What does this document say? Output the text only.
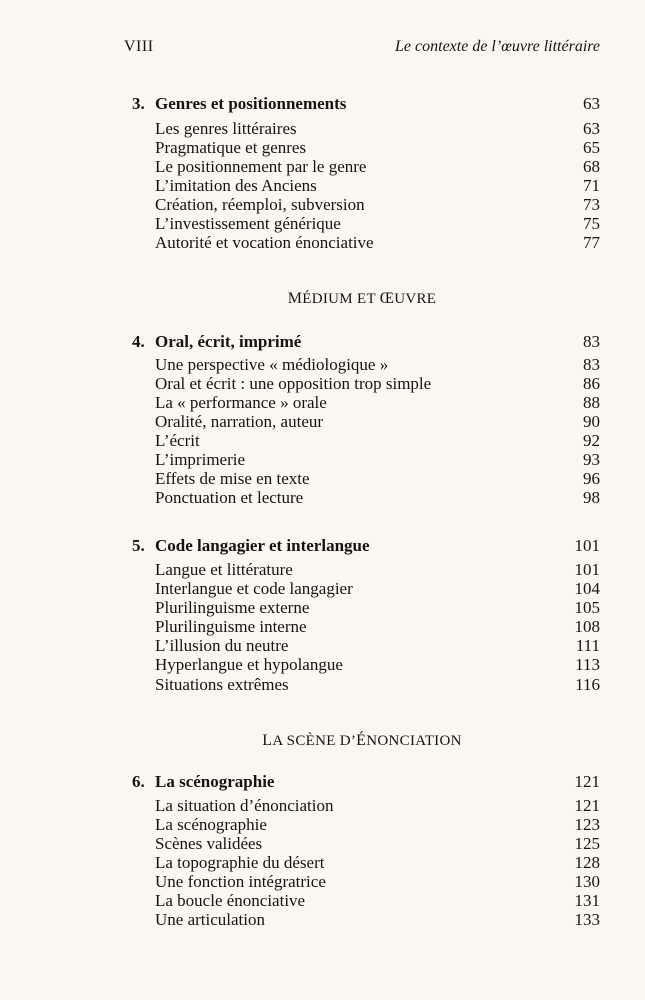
VIII	Le contexte de l’œuvre littéraire
3. Genres et positionnements	63
Les genres littéraires	63
Pragmatique et genres	65
Le positionnement par le genre	68
L’imitation des Anciens	71
Création, réemploi, subversion	73
L’investissement générique	75
Autorité et vocation énonciative	77
MÉDIUM ET ŒUVRE
4. Oral, écrit, imprimé	83
Une perspective « médiologique »	83
Oral et écrit : une opposition trop simple	86
La « performance » orale	88
Oralité, narration, auteur	90
L’écrit	92
L’imprimerie	93
Effets de mise en texte	96
Ponctuation et lecture	98
5. Code langagier et interlangue	101
Langue et littérature	101
Interlangue et code langagier	104
Plurilinguisme externe	105
Plurilinguisme interne	108
L’illusion du neutre	111
Hyperlangue et hypolangue	113
Situations extrêmes	116
LA SCÈNE D’ÉNONCIATION
6. La scénographie	121
La situation d’énonciation	121
La scénographie	123
Scènes validées	125
La topographie du désert	128
Une fonction intégratrice	130
La boucle énonciative	131
Une articulation	133
